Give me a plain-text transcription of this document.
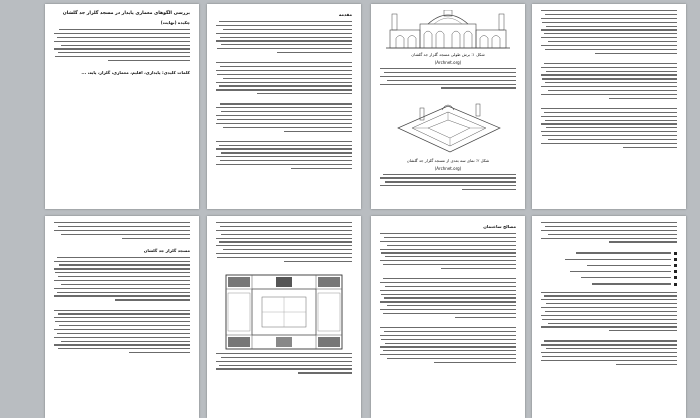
بررسی الگوهای معماری پایدار در مسجد گلزار جد گلشان
چکیده (نهایت)
کلمات کلیدی: پایداری، اقلیم، معماری، گلزار، پایه، ...
مقدمه
شکل ۱: برش طولی مسجد گلزار جد گلشان
(Archnet.org)
شکل ۲: نمای سه بعدی از مسجد گلزار جد گلشان
(Archnet.org)
مسجد گلزار جد گلشان
مصالح ساختمان
